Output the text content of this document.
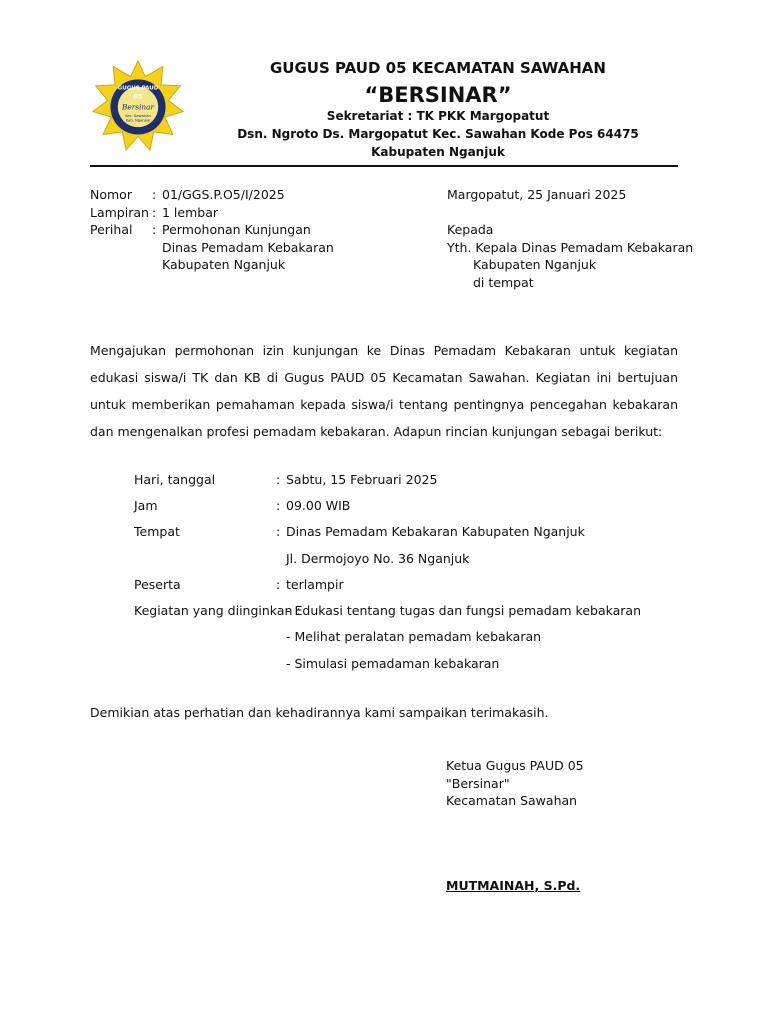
GUGUS PAUD
05
Bersinar
Kec. Sawahan
Kab. Nganjuk
GUGUS PAUD 05 KECAMATAN SAWAHAN
“BERSINAR”
Sekretariat : TK PKK Margopatut
Dsn. Ngroto Ds. Margopatut Kec. Sawahan Kode Pos 64475
Kabupaten Nganjuk
Nomor	: 01/GGS.P.O5/I/2025
Lampiran : 1 lembar
Perihal	: Permohonan Kunjungan
Dinas Pemadam Kebakaran
Kabupaten Nganjuk
Margopatut, 25 Januari 2025
Kepada
Yth. Kepala Dinas Pemadam Kebakaran
Kabupaten Nganjuk
di tempat
Mengajukan permohonan izin kunjungan ke Dinas Pemadam Kebakaran untuk kegiatan edukasi siswa/i TK dan KB di Gugus PAUD 05 Kecamatan Sawahan. Kegiatan ini bertujuan untuk memberikan pemahaman kepada siswa/i tentang pentingnya pencegahan kebakaran dan mengenalkan profesi pemadam kebakaran. Adapun rincian kunjungan sebagai berikut:
Hari, tanggal	: Sabtu, 15 Februari 2025
Jam	: 09.00 WIB
Tempat	: Dinas Pemadam Kebakaran Kabupaten Nganjuk
Jl. Dermojoyo No. 36 Nganjuk
Peserta	: terlampir
Kegiatan yang diinginkan :
- Edukasi tentang tugas dan fungsi pemadam kebakaran
- Melihat peralatan pemadam kebakaran
- Simulasi pemadaman kebakaran
Demikian atas perhatian dan kehadirannya kami sampaikan terimakasih.
Ketua Gugus PAUD 05
"Bersinar"
Kecamatan Sawahan
MUTMAINAH, S.Pd.
